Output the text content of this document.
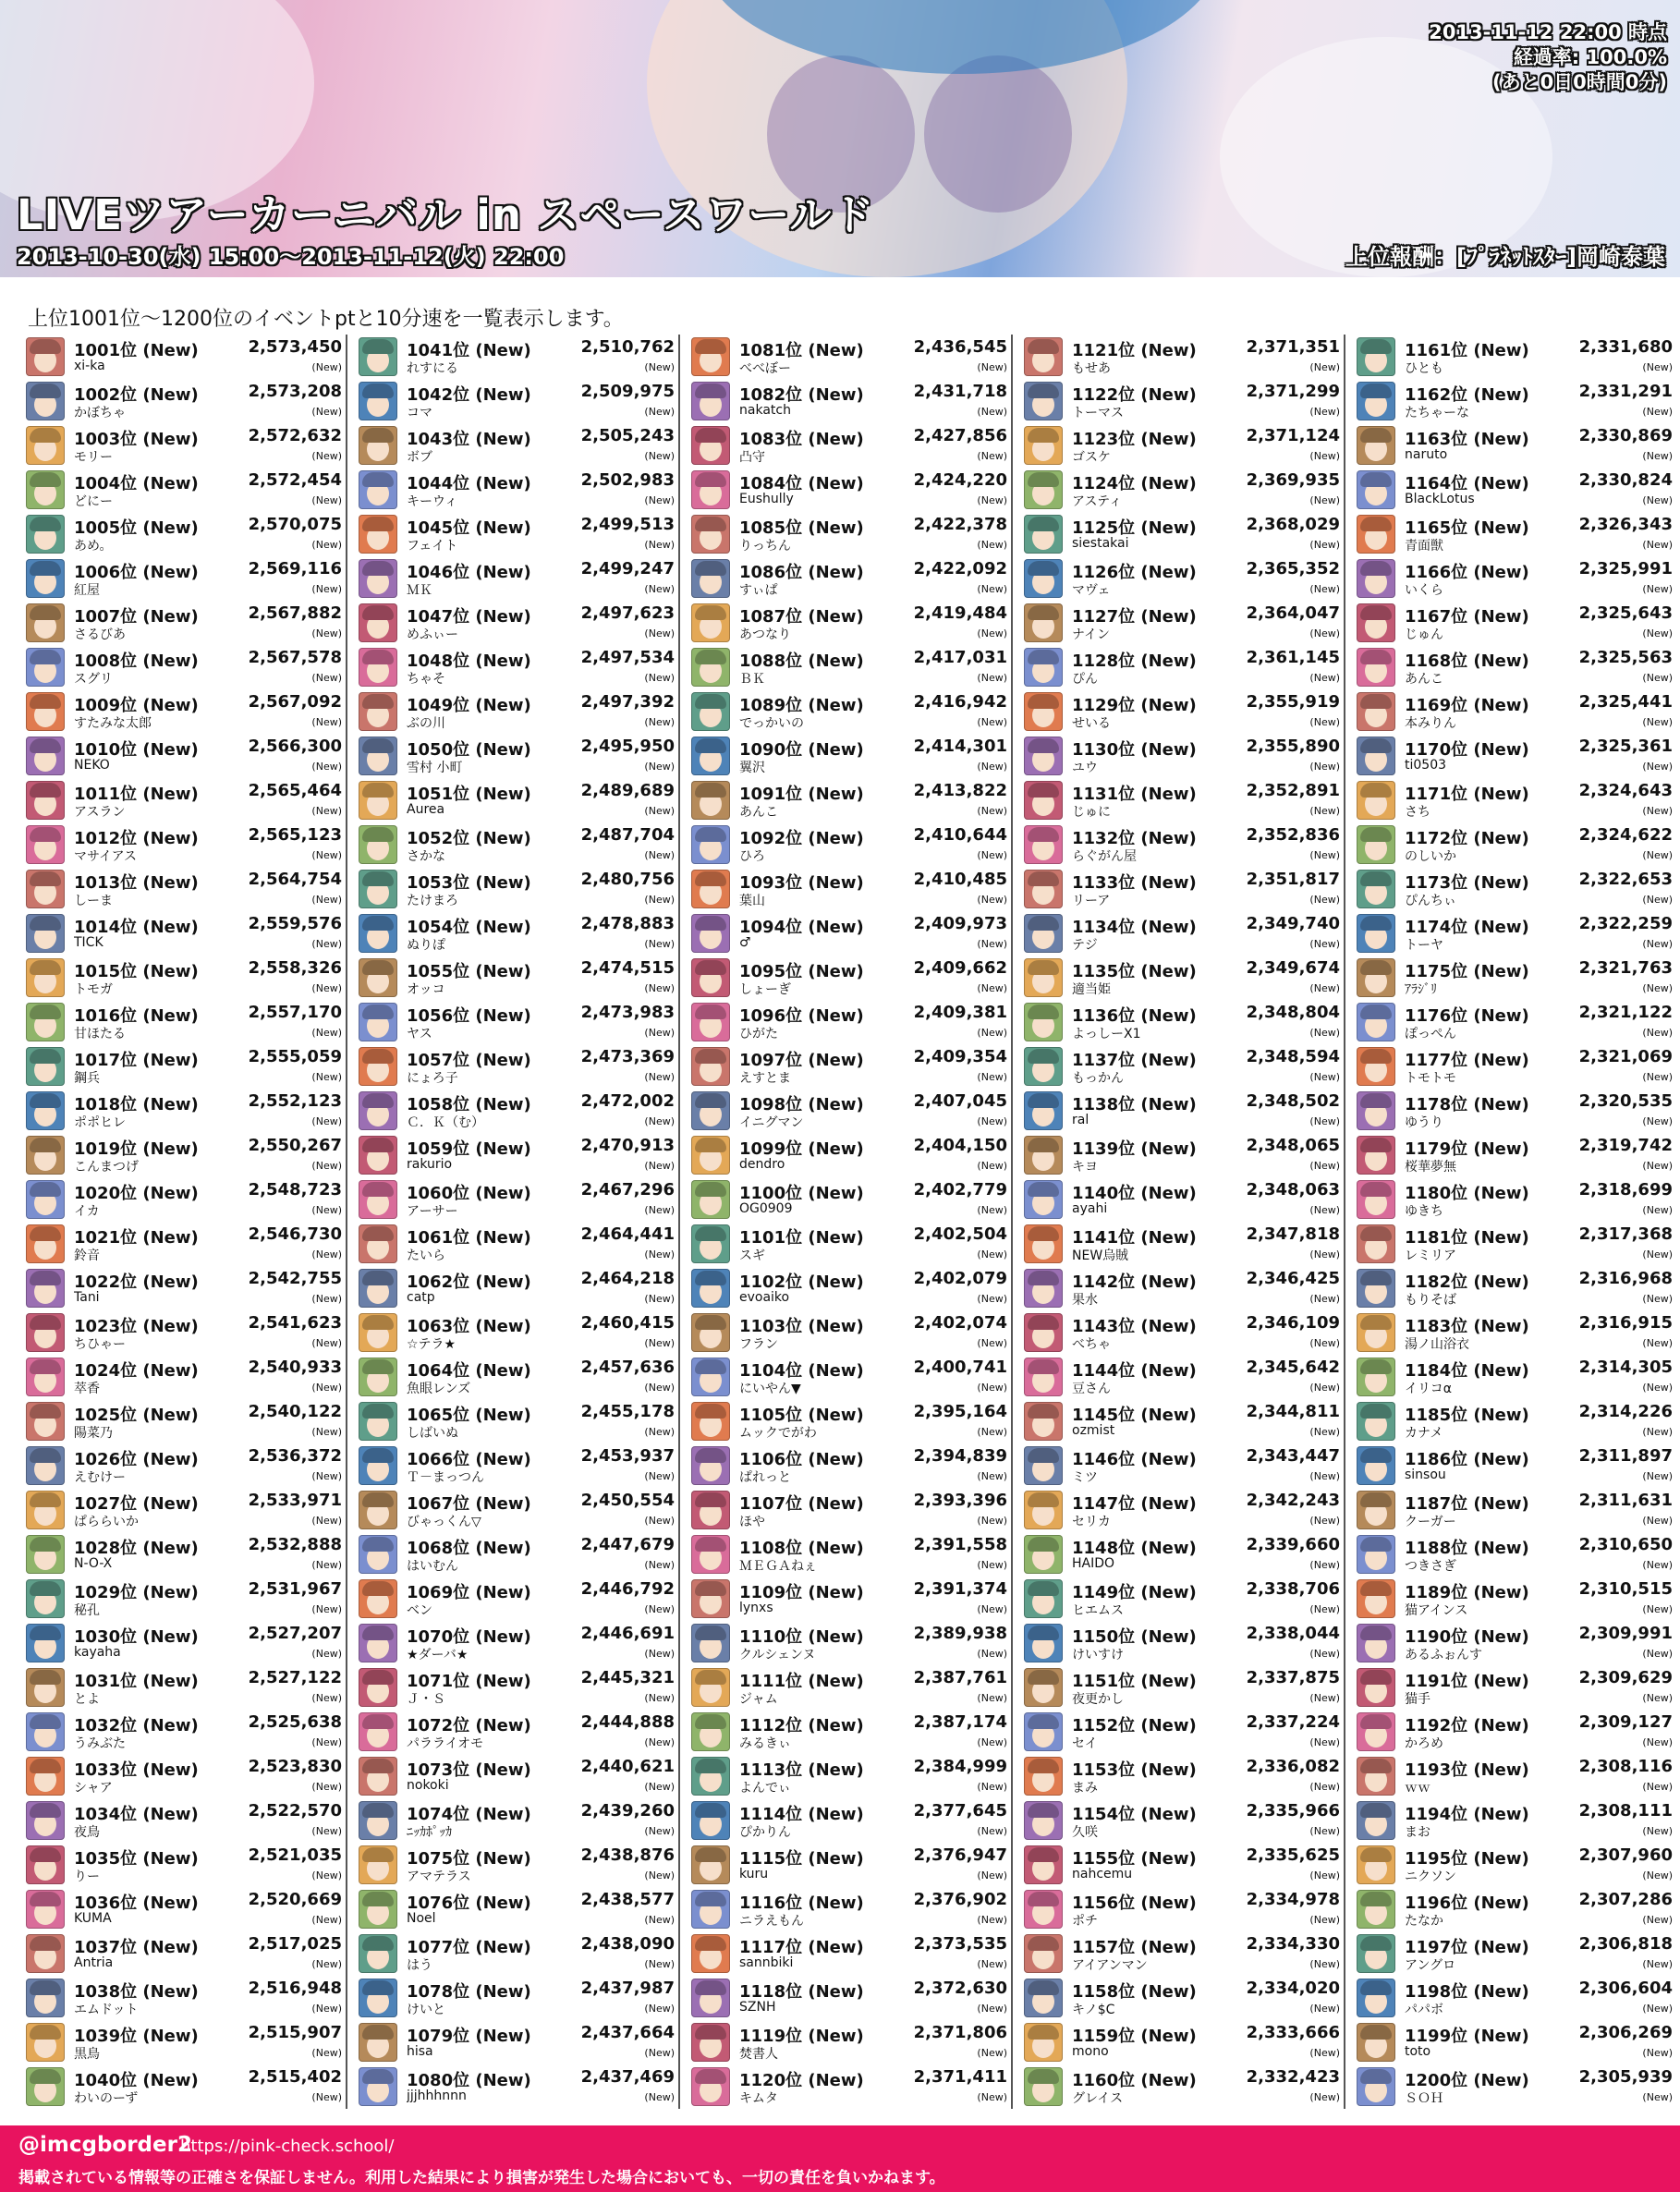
2013-11-12 22:00 時点
経過率: 100.0%
(あと0日0時間0分)
LIVEツアーカーニバル in スペースワールド
2013-10-30(水) 15:00～2013-11-12(火) 22:00	上位報酬：[ﾌﾟﾗﾈｯﾄｽﾀｰ]岡崎泰葉
上位1001位～1200位のイベントptと10分速を一覧表示します。
1001位 (New)	2,573,450
xi-ka	(New)
1002位 (New)	2,573,208
かぼちゃ	(New)
1003位 (New)	2,572,632
モリー	(New)
1004位 (New)	2,572,454
どにー	(New)
1005位 (New)	2,570,075
あめ。	(New)
1006位 (New)	2,569,116
紅屋	(New)
1007位 (New)	2,567,882
さるびあ	(New)
1008位 (New)	2,567,578
スグリ	(New)
1009位 (New)	2,567,092
すたみな太郎	(New)
1010位 (New)	2,566,300
NEKO	(New)
1011位 (New)	2,565,464
アスラン	(New)
1012位 (New)	2,565,123
マサイアス	(New)
1013位 (New)	2,564,754
しーま	(New)
1014位 (New)	2,559,576
TICK	(New)
1015位 (New)	2,558,326
トモガ	(New)
1016位 (New)	2,557,170
甘ほたる	(New)
1017位 (New)	2,555,059
鋼兵	(New)
1018位 (New)	2,552,123
ポポヒレ	(New)
1019位 (New)	2,550,267
こんまつげ	(New)
1020位 (New)	2,548,723
イカ	(New)
1021位 (New)	2,546,730
鈴音	(New)
1022位 (New)	2,542,755
Tani	(New)
1023位 (New)	2,541,623
ちひゃー	(New)
1024位 (New)	2,540,933
萃香	(New)
1025位 (New)	2,540,122
陽菜乃	(New)
1026位 (New)	2,536,372
えむけー	(New)
1027位 (New)	2,533,971
ぱららいか	(New)
1028位 (New)	2,532,888
N-O-X	(New)
1029位 (New)	2,531,967
秘孔	(New)
1030位 (New)	2,527,207
kayaha	(New)
1031位 (New)	2,527,122
とよ	(New)
1032位 (New)	2,525,638
うみぶた	(New)
1033位 (New)	2,523,830
シャア	(New)
1034位 (New)	2,522,570
夜鳥	(New)
1035位 (New)	2,521,035
りー	(New)
1036位 (New)	2,520,669
KUMA	(New)
1037位 (New)	2,517,025
Antria	(New)
1038位 (New)	2,516,948
エムドット	(New)
1039位 (New)	2,515,907
黒鳥	(New)
1040位 (New)	2,515,402
わいのーず	(New)
1041位 (New)	2,510,762
れすにる	(New)
1042位 (New)	2,509,975
コマ	(New)
1043位 (New)	2,505,243
ボブ	(New)
1044位 (New)	2,502,983
キーウィ	(New)
1045位 (New)	2,499,513
フェイト	(New)
1046位 (New)	2,499,247
ＭＫ	(New)
1047位 (New)	2,497,623
めふぃー	(New)
1048位 (New)	2,497,534
ちゃそ	(New)
1049位 (New)	2,497,392
ぶの川	(New)
1050位 (New)	2,495,950
雪村 小町	(New)
1051位 (New)	2,489,689
Aurea	(New)
1052位 (New)	2,487,704
さかな	(New)
1053位 (New)	2,480,756
たけまろ	(New)
1054位 (New)	2,478,883
ぬりぽ	(New)
1055位 (New)	2,474,515
オッコ	(New)
1056位 (New)	2,473,983
ヤス	(New)
1057位 (New)	2,473,369
にょろ子	(New)
1058位 (New)	2,472,002
Ｃ．Ｋ（む）	(New)
1059位 (New)	2,470,913
rakurio	(New)
1060位 (New)	2,467,296
アーサー	(New)
1061位 (New)	2,464,441
たいら	(New)
1062位 (New)	2,464,218
catp	(New)
1063位 (New)	2,460,415
☆テラ★	(New)
1064位 (New)	2,457,636
魚眼レンズ	(New)
1065位 (New)	2,455,178
しばいぬ	(New)
1066位 (New)	2,453,937
Ｔ－まっつん	(New)
1067位 (New)	2,450,554
びゃっくん▽	(New)
1068位 (New)	2,447,679
はいむん	(New)
1069位 (New)	2,446,792
ベン	(New)
1070位 (New)	2,446,691
★ダーバ★	(New)
1071位 (New)	2,445,321
Ｊ・Ｓ	(New)
1072位 (New)	2,444,888
パラライオモ	(New)
1073位 (New)	2,440,621
nokoki	(New)
1074位 (New)	2,439,260
ﾆｯｶﾎﾟｯｶ	(New)
1075位 (New)	2,438,876
アマテラス	(New)
1076位 (New)	2,438,577
Noel	(New)
1077位 (New)	2,438,090
はう	(New)
1078位 (New)	2,437,987
けいと	(New)
1079位 (New)	2,437,664
hisa	(New)
1080位 (New)	2,437,469
jjjhhhnnn	(New)
1081位 (New)	2,436,545
べべぼー	(New)
1082位 (New)	2,431,718
nakatch	(New)
1083位 (New)	2,427,856
凸守	(New)
1084位 (New)	2,424,220
Eushully	(New)
1085位 (New)	2,422,378
りっちん	(New)
1086位 (New)	2,422,092
すぃぱ	(New)
1087位 (New)	2,419,484
あつなり	(New)
1088位 (New)	2,417,031
ＢＫ	(New)
1089位 (New)	2,416,942
でっかいの	(New)
1090位 (New)	2,414,301
翼沢	(New)
1091位 (New)	2,413,822
あんこ	(New)
1092位 (New)	2,410,644
ひろ	(New)
1093位 (New)	2,410,485
葉山	(New)
1094位 (New)	2,409,973
♂	(New)
1095位 (New)	2,409,662
しょーぎ	(New)
1096位 (New)	2,409,381
ひがた	(New)
1097位 (New)	2,409,354
えすとま	(New)
1098位 (New)	2,407,045
イニグマン	(New)
1099位 (New)	2,404,150
dendro	(New)
1100位 (New)	2,402,779
OG0909	(New)
1101位 (New)	2,402,504
スギ	(New)
1102位 (New)	2,402,079
evoaiko	(New)
1103位 (New)	2,402,074
フラン	(New)
1104位 (New)	2,400,741
にいやん▼	(New)
1105位 (New)	2,395,164
ムックでがわ	(New)
1106位 (New)	2,394,839
ぱれっと	(New)
1107位 (New)	2,393,396
ほや	(New)
1108位 (New)	2,391,558
ＭＥＧＡねぇ	(New)
1109位 (New)	2,391,374
lynxs	(New)
1110位 (New)	2,389,938
クルシェンヌ	(New)
1111位 (New)	2,387,761
ジャム	(New)
1112位 (New)	2,387,174
みるきぃ	(New)
1113位 (New)	2,384,999
よんでぃ	(New)
1114位 (New)	2,377,645
ぴかりん	(New)
1115位 (New)	2,376,947
kuru	(New)
1116位 (New)	2,376,902
ニラえもん	(New)
1117位 (New)	2,373,535
sannbiki	(New)
1118位 (New)	2,372,630
SZNH	(New)
1119位 (New)	2,371,806
焚書人	(New)
1120位 (New)	2,371,411
キムタ	(New)
1121位 (New)	2,371,351
もせあ	(New)
1122位 (New)	2,371,299
トーマス	(New)
1123位 (New)	2,371,124
ゴスケ	(New)
1124位 (New)	2,369,935
アスティ	(New)
1125位 (New)	2,368,029
siestakai	(New)
1126位 (New)	2,365,352
マヴェ	(New)
1127位 (New)	2,364,047
ナイン	(New)
1128位 (New)	2,361,145
ぴん	(New)
1129位 (New)	2,355,919
せいる	(New)
1130位 (New)	2,355,890
ユウ	(New)
1131位 (New)	2,352,891
じゅに	(New)
1132位 (New)	2,352,836
らぐがん屋	(New)
1133位 (New)	2,351,817
リーア	(New)
1134位 (New)	2,349,740
テジ	(New)
1135位 (New)	2,349,674
適当姫	(New)
1136位 (New)	2,348,804
よっしーX1	(New)
1137位 (New)	2,348,594
もっかん	(New)
1138位 (New)	2,348,502
ral	(New)
1139位 (New)	2,348,065
キヨ	(New)
1140位 (New)	2,348,063
ayahi	(New)
1141位 (New)	2,347,818
NEW烏賊	(New)
1142位 (New)	2,346,425
果水	(New)
1143位 (New)	2,346,109
べちゃ	(New)
1144位 (New)	2,345,642
豆さん	(New)
1145位 (New)	2,344,811
ozmist	(New)
1146位 (New)	2,343,447
ミツ	(New)
1147位 (New)	2,342,243
セリカ	(New)
1148位 (New)	2,339,660
HAIDO	(New)
1149位 (New)	2,338,706
ヒエムス	(New)
1150位 (New)	2,338,044
けいすけ	(New)
1151位 (New)	2,337,875
夜更かし	(New)
1152位 (New)	2,337,224
セイ	(New)
1153位 (New)	2,336,082
まみ	(New)
1154位 (New)	2,335,966
久咲	(New)
1155位 (New)	2,335,625
nahcemu	(New)
1156位 (New)	2,334,978
ポチ	(New)
1157位 (New)	2,334,330
アイアンマン	(New)
1158位 (New)	2,334,020
キノ$C	(New)
1159位 (New)	2,333,666
mono	(New)
1160位 (New)	2,332,423
グレイス	(New)
1161位 (New)	2,331,680
ひとも	(New)
1162位 (New)	2,331,291
たちゃーな	(New)
1163位 (New)	2,330,869
naruto	(New)
1164位 (New)	2,330,824
BlackLotus	(New)
1165位 (New)	2,326,343
青面獣	(New)
1166位 (New)	2,325,991
いくら	(New)
1167位 (New)	2,325,643
じゅん	(New)
1168位 (New)	2,325,563
あんこ	(New)
1169位 (New)	2,325,441
本みりん	(New)
1170位 (New)	2,325,361
ti0503	(New)
1171位 (New)	2,324,643
さち	(New)
1172位 (New)	2,324,622
のしいか	(New)
1173位 (New)	2,322,653
ぴんちぃ	(New)
1174位 (New)	2,322,259
トーヤ	(New)
1175位 (New)	2,321,763
ｱﾗｼﾞﾘ	(New)
1176位 (New)	2,321,122
ぽっぺん	(New)
1177位 (New)	2,321,069
トモトモ	(New)
1178位 (New)	2,320,535
ゆうり	(New)
1179位 (New)	2,319,742
桜華夢無	(New)
1180位 (New)	2,318,699
ゆきち	(New)
1181位 (New)	2,317,368
レミリア	(New)
1182位 (New)	2,316,968
もりそば	(New)
1183位 (New)	2,316,915
湯ノ山浴衣	(New)
1184位 (New)	2,314,305
イリコα	(New)
1185位 (New)	2,314,226
カナメ	(New)
1186位 (New)	2,311,897
sinsou	(New)
1187位 (New)	2,311,631
クーガー	(New)
1188位 (New)	2,310,650
つきさぎ	(New)
1189位 (New)	2,310,515
猫アインス	(New)
1190位 (New)	2,309,991
あるふぉんす	(New)
1191位 (New)	2,309,629
猫手	(New)
1192位 (New)	2,309,127
かろめ	(New)
1193位 (New)	2,308,116
ｗｗ	(New)
1194位 (New)	2,308,111
まお	(New)
1195位 (New)	2,307,960
ニクソン	(New)
1196位 (New)	2,307,286
たなか	(New)
1197位 (New)	2,306,818
アングロ	(New)
1198位 (New)	2,306,604
パパボ	(New)
1199位 (New)	2,306,269
toto	(New)
1200位 (New)	2,305,939
ＳＯＨ	(New)
@imcgborder2
https://pink-check.school/
掲載されている情報等の正確さを保証しません。利用した結果により損害が発生した場合においても、一切の責任を負いかねます。
